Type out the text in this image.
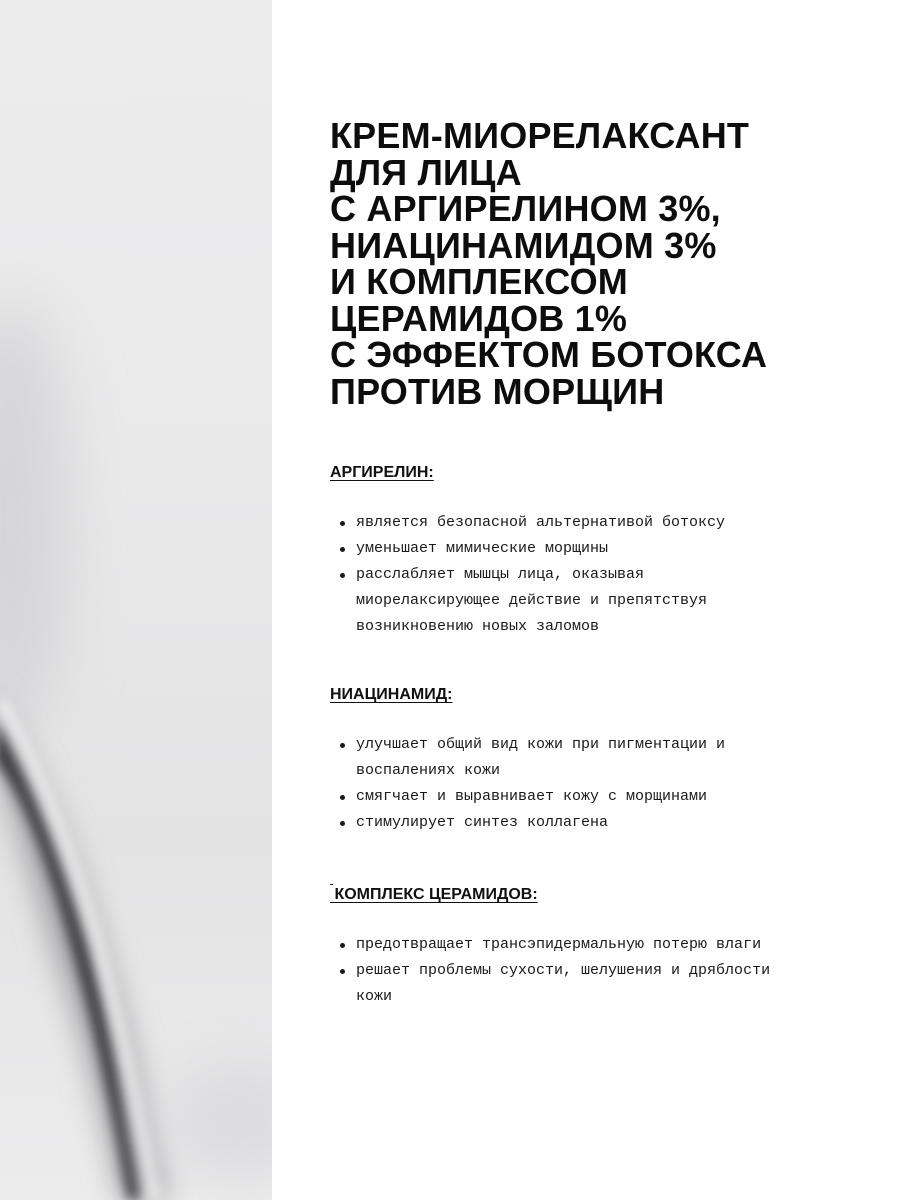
КРЕМ-МИОРЕЛАКСАНТ
ДЛЯ ЛИЦА
С АРГИРЕЛИНОМ 3%,
НИАЦИНАМИДОМ 3%
И КОМПЛЕКСОМ
ЦЕРАМИДОВ 1%
С ЭФФЕКТОМ БОТОКСА
ПРОТИВ МОРЩИН
АРГИРЕЛИН:
является безопасной альтернативой ботоксу
уменьшает мимические морщины
расслабляет мышцы лица, оказывая миорелаксирующее действие и препятствуя возникновению новых заломов
НИАЦИНАМИД:
улучшает общий вид кожи при пигментации и воспалениях кожи
смягчает и выравнивает кожу с морщинами
стимулирует синтез коллагена

КОМПЛЕКС ЦЕРАМИДОВ:
предотвращает трансэпидермальную потерю влаги
решает проблемы сухости, шелушения и дряблости кожи
